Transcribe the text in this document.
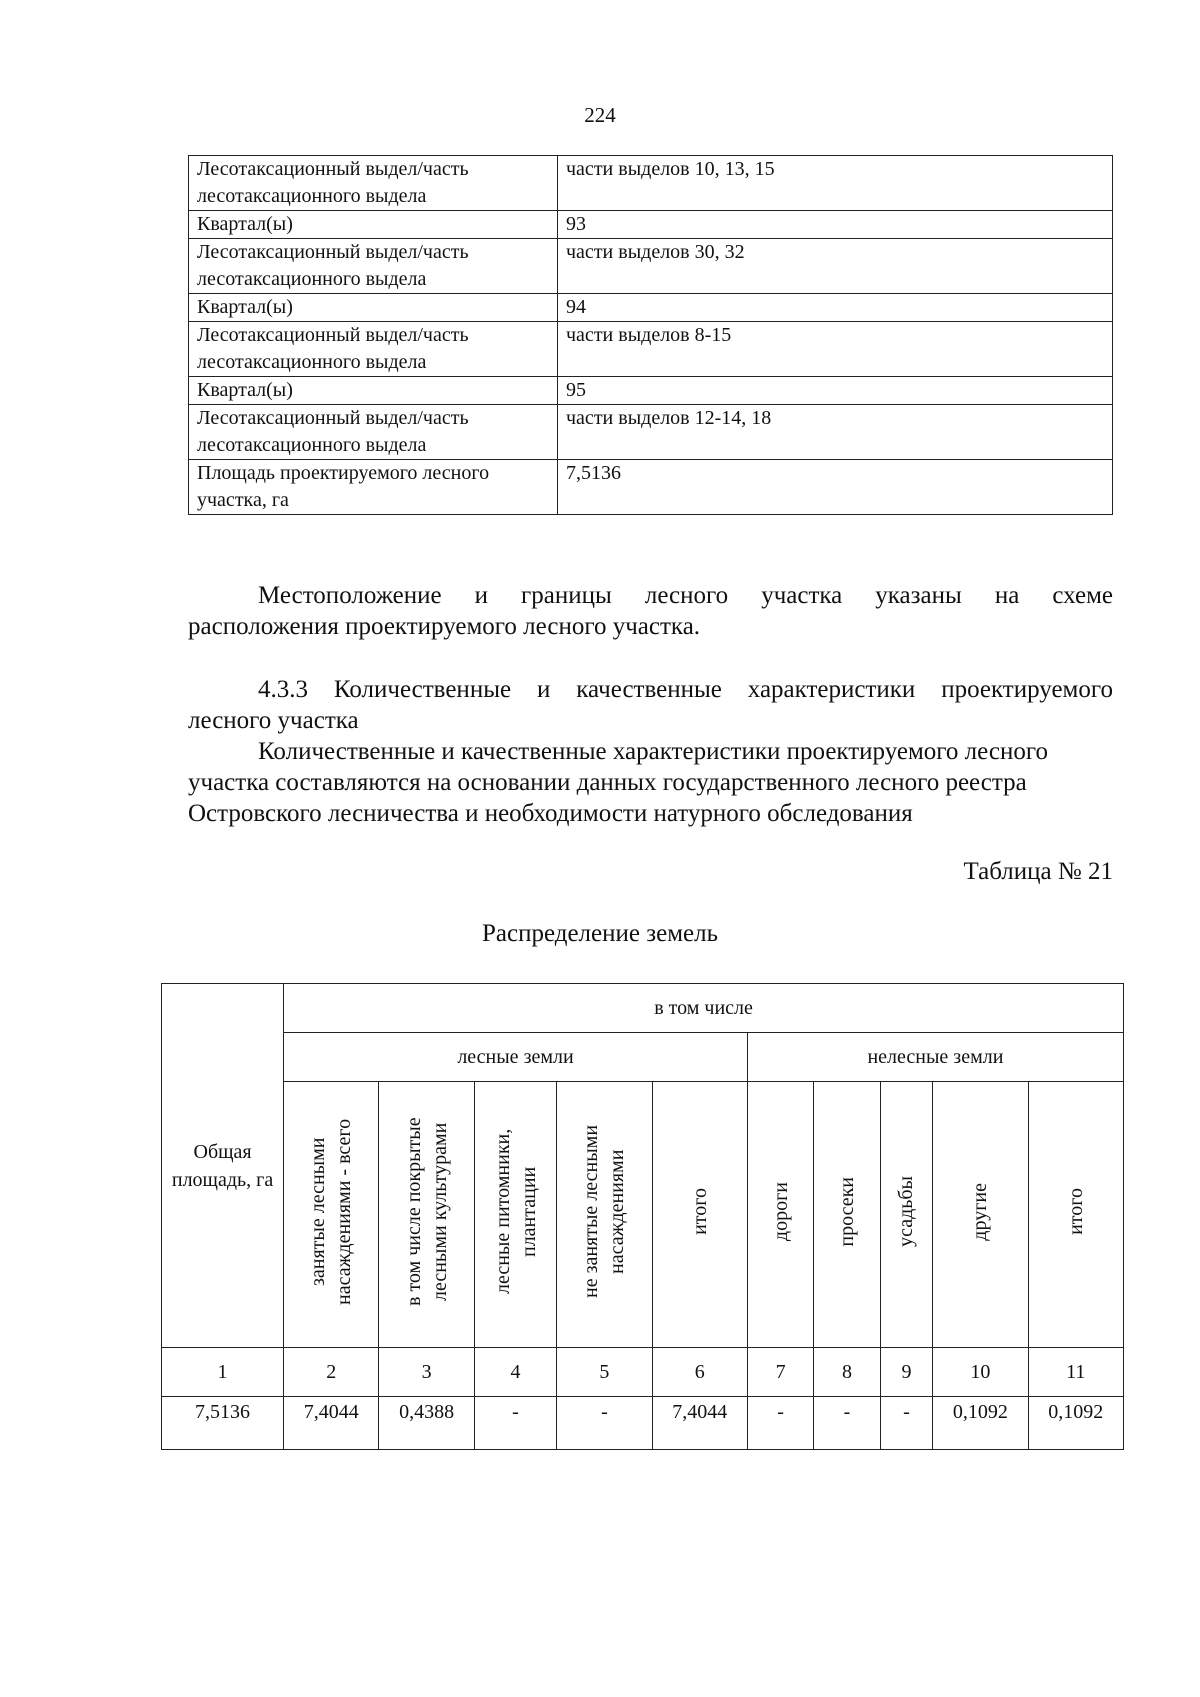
224
Лесотаксационный выдел/часть лесотаксационного выдела	части выделов 10, 13, 15
Квартал(ы)	93
Лесотаксационный выдел/часть лесотаксационного выдела	части выделов 30, 32
Квартал(ы)	94
Лесотаксационный выдел/часть лесотаксационного выдела	части выделов 8-15
Квартал(ы)	95
Лесотаксационный выдел/часть лесотаксационного выдела	части выделов 12-14, 18
Площадь проектируемого лесного участка, га	7,5136

Местоположение и границы лесного участка указаны на схеме
расположения проектируемого лесного участка.

4.3.3 Количественные и качественные характеристики проектируемого
лесного участка

Количественные и качественные характеристики проектируемого лесного участка составляются на основании данных государственного лесного реестра Островского лесничества и необходимости натурного обследования

Таблица № 21
Распределение земель
Общая площадь, га	в том числе									
	лесные земли					нелесные земли				
	занятые лесными насаждениями - всего	в том числе покрытые лесными культурами	лесные питомники, плантации	не занятые лесными насаждениями	итого	дороги	просеки	усадьбы	другие	итого
1	2	3	4	5	6	7	8	9	10	11
7,5136	7,4044	0,4388	-	-	7,4044	-	-	-	0,1092	0,1092
